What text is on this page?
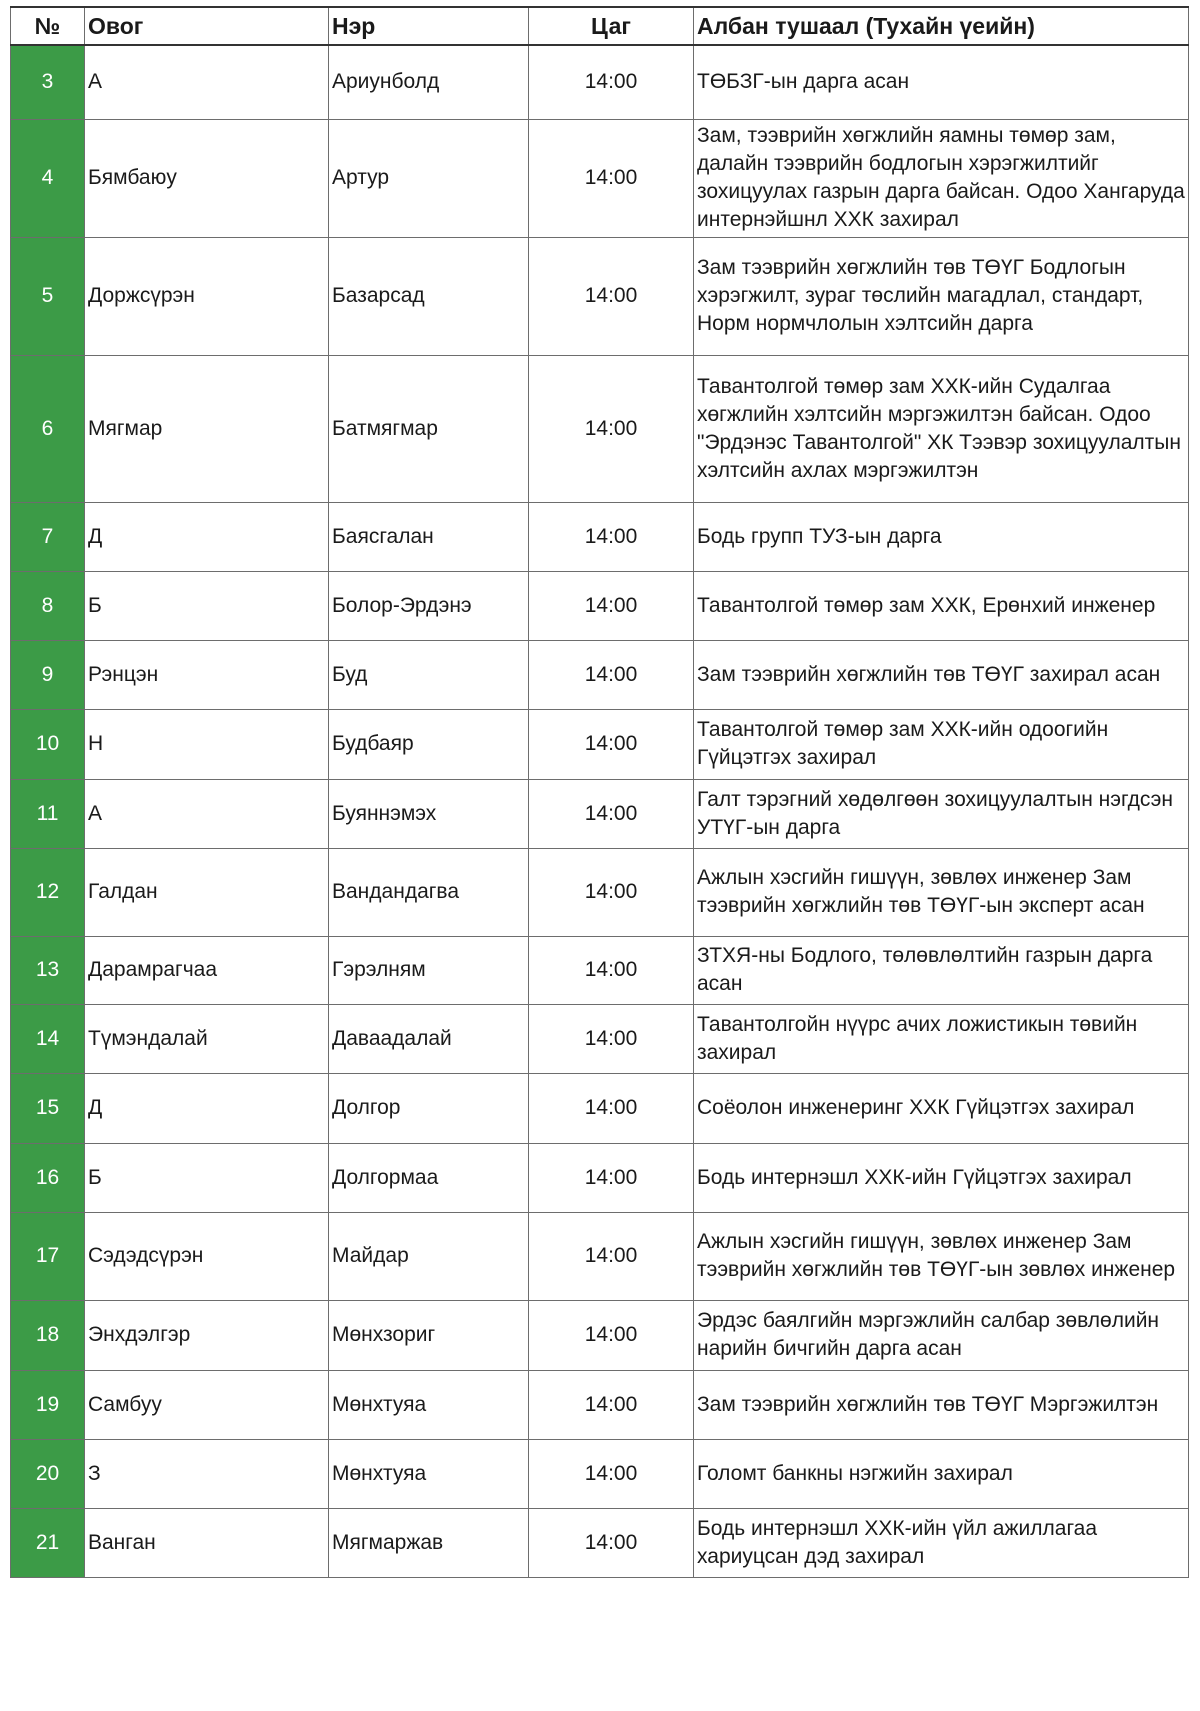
№	Овог	Нэр	Цаг	Албан тушаал (Тухайн үеийн)
3	А	Ариунболд	14:00	ТӨБЗГ-ын дарга асан
4	Бямбаюу	Артур	14:00	Зам, тээврийн хөгжлийн яамны төмөр зам, далайн тээврийн бодлогын хэрэгжилтийг зохицуулах газрын дарга байсан. Одоо Хангаруда интернэйшнл ХХК захирал
5	Доржсүрэн	Базарсад	14:00	Зам тээврийн хөгжлийн төв ТӨҮГ Бодлогын хэрэгжилт, зураг төслийн магадлал, стандарт, Норм нормчлолын хэлтсийн дарга
6	Мягмар	Батмягмар	14:00	Тавантолгой төмөр зам ХХК-ийн Судалгаа хөгжлийн хэлтсийн мэргэжилтэн байсан. Одоо "Эрдэнэс Тавантолгой" ХК Тээвэр зохицуулалтын хэлтсийн ахлах мэргэжилтэн
7	Д	Баясгалан	14:00	Бодь групп ТУЗ-ын дарга
8	Б	Болор-Эрдэнэ	14:00	Тавантолгой төмөр зам ХХК, Ерөнхий инженер
9	Рэнцэн	Буд	14:00	Зам тээврийн хөгжлийн төв ТӨҮГ захирал асан
10	Н	Будбаяр	14:00	Тавантолгой төмөр зам ХХК-ийн одоогийн Гүйцэтгэх захирал
11	А	Буяннэмэх	14:00	Галт тэрэгний хөдөлгөөн зохицуулалтын нэгдсэн УТҮГ-ын дарга
12	Галдан	Вандандагва	14:00	Ажлын хэсгийн гишүүн, зөвлөх инженер Зам тээврийн хөгжлийн төв ТӨҮГ-ын эксперт асан
13	Дарамрагчаа	Гэрэлням	14:00	ЗТХЯ-ны Бодлого, төлөвлөлтийн газрын дарга асан
14	Түмэндалай	Даваадалай	14:00	Тавантолгойн нүүрс ачих ложистикын төвийн захирал
15	Д	Долгор	14:00	Соёолон инженеринг ХХК Гүйцэтгэх захирал
16	Б	Долгормаа	14:00	Бодь интернэшл ХХК-ийн Гүйцэтгэх захирал
17	Сэдэдсүрэн	Майдар	14:00	Ажлын хэсгийн гишүүн, зөвлөх инженер Зам тээврийн хөгжлийн төв ТӨҮГ-ын зөвлөх инженер
18	Энхдэлгэр	Мөнхзориг	14:00	Эрдэс баялгийн мэргэжлийн салбар зөвлөлийн нарийн бичгийн дарга асан
19	Самбуу	Мөнхтуяа	14:00	Зам тээврийн хөгжлийн төв ТӨҮГ Мэргэжилтэн
20	З	Мөнхтуяа	14:00	Голомт банкны нэгжийн захирал
21	Ванган	Мягмаржав	14:00	Бодь интернэшл ХХК-ийн үйл ажиллагаа хариуцсан дэд захирал
